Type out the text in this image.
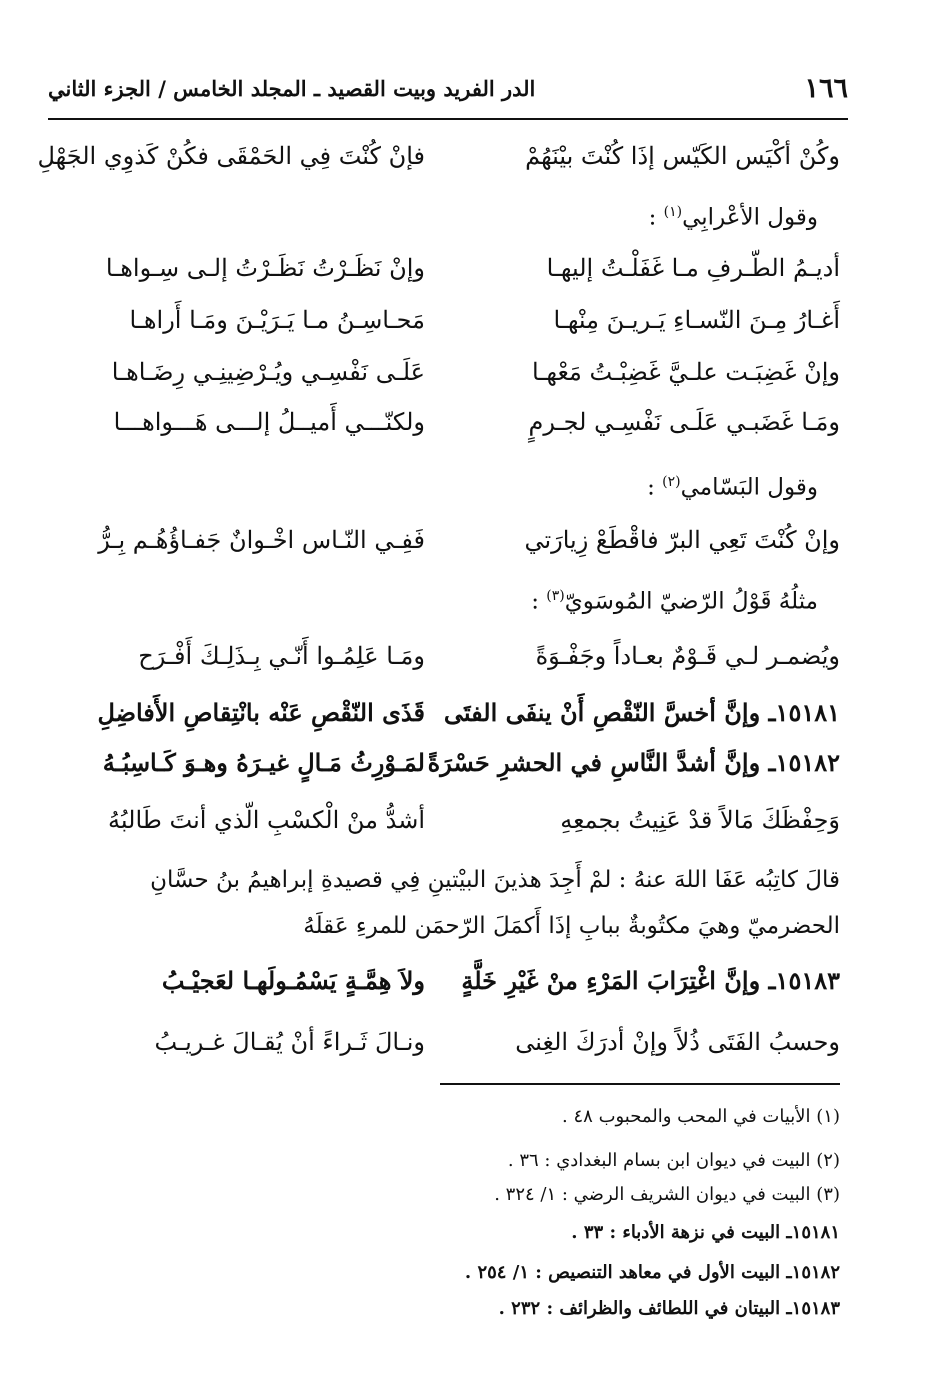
١٦٦
الدر الفريد وبيت القصيد ـ المجلد الخامس / الجزء الثاني
وكُنْ أكْيَس الكَيّس إذَا كُنْتَ بيْنَهُمْ
فإنْ كُنْتَ فِي الحَمْقَى فكُنْ كَذوِي الجَهْلِ
وقول الأعْرابِي$^{(١)}$ :
أديـمُ الطّـرفِ مـا غَفَلْـتُ إليهـا
وإنْ نَظَـرْتُ نَظَـرْتُ إلـى سِـواهـا
أَغـارُ مِـنَ النّسـاءِ يَـريـنَ مِنْهـا
مَحـاسِـنُ مـا يَـرَيْـنَ ومَـا أَراهـا
وإنْ غَضِبَـت علـيَّ غَضِبْـتُ مَعْهـا
عَلَـى نَفْسِـي ويُـرْضِينِـي رِضَـاهـا
ومَـا غَضَبـي عَلَـى نَفْسِـي لجـرمٍ
ولكنّـــي أَميــلُ إلـــى هَـــواهـــا
وقول البَسّامي$^{(٢)}$ :
وإنْ كُنْتَ تَعِي البرّ فاقْطَعْ زِيارَتي
فَفِـي النّـاس اخْـوانٌ جَفـاؤُهُـم بِـرُّ
مثلُهُ قَوْلُ الرّضيّ المُوسَويّ$^{(٣)}$ :
ويُضمـر لـي قَـوْمٌ بعـاداً وجَفْـوَةً
ومَـا عَلِمُـوا أَنّـي بِـذَلِـكَ أَفْـرَح
١٥١٨١ـ وإنَّ أخسَّ النّقْصِ أَنْ ينفَى الفتَى
قَذَى النّقْصِ عَنْه بانْتِقاصِ الأَفاضِلِ
١٥١٨٢ـ وإنَّ أشدَّ النَّاسِ في الحشرِ حَسْرَةً
لمَـوْرِثُ مَـالٍ غيـرَهُ وهـوَ كَـاسِبُـهُ
وَحِفْظَكَ مَالاً قدْ عَنِيتُ بجمعِهِ
أشدُّ منْ الْكسْبِ الّذي أنتَ طَالبُهُ
قالَ كاتِبُه عَفَا اللهَ عنهُ : لمْ أَجِدَ هذينَ البيْتينِ فِي قصيدةِ إبراهيمُ بنُ حسَّانِ
الحضرميّ وهيَ مكتُوبةٌ ببابِ إذَا أَكمَلَ الرّحمَن للمرءِ عَقلَهُ
١٥١٨٣ـ وإنَّ اغْتِرَابَ المَرْءِ منْ غَيْرِ خَلَّةٍ
ولاَ هِمَّـةٍ يَسْمُـولَهـا لعَجيْـبُ
وحسبُ الفَتَى ذُلاً وإنْ أدرَكَ الغِنى
ونـالَ ثَـراءً أنْ يُقـالَ غـريـبُ
(١) الأبيات في المحب والمحبوب ٤٨ .
(٢) البيت في ديوان ابن بسام البغدادي : ٣٦ .
(٣) البيت في ديوان الشريف الرضي : ١/ ٣٢٤ .
١٥١٨١ـ البيت في نزهة الأدباء : ٣٣ .
١٥١٨٢ـ البيت الأول في معاهد التنصيص : ١/ ٢٥٤ .
١٥١٨٣ـ البيتان في اللطائف والظرائف : ٢٣٢ .
